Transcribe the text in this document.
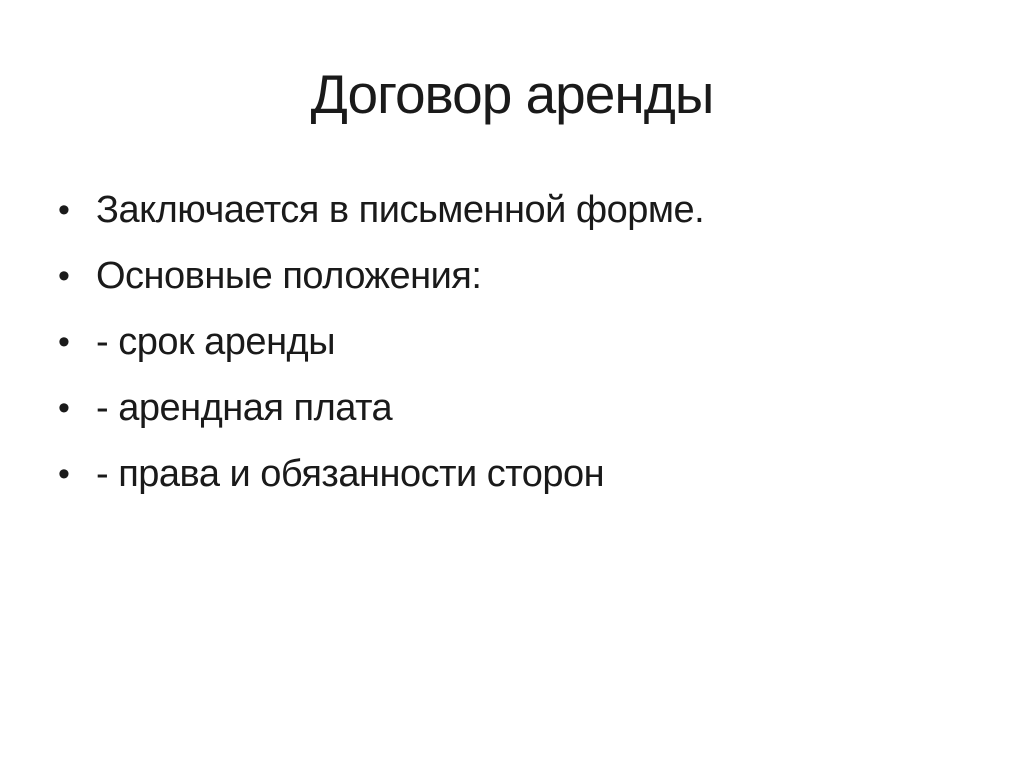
Договор аренды
• Заключается в письменной форме.
• Основные положения:
• - срок аренды
• - арендная плата
• - права и обязанности сторон
